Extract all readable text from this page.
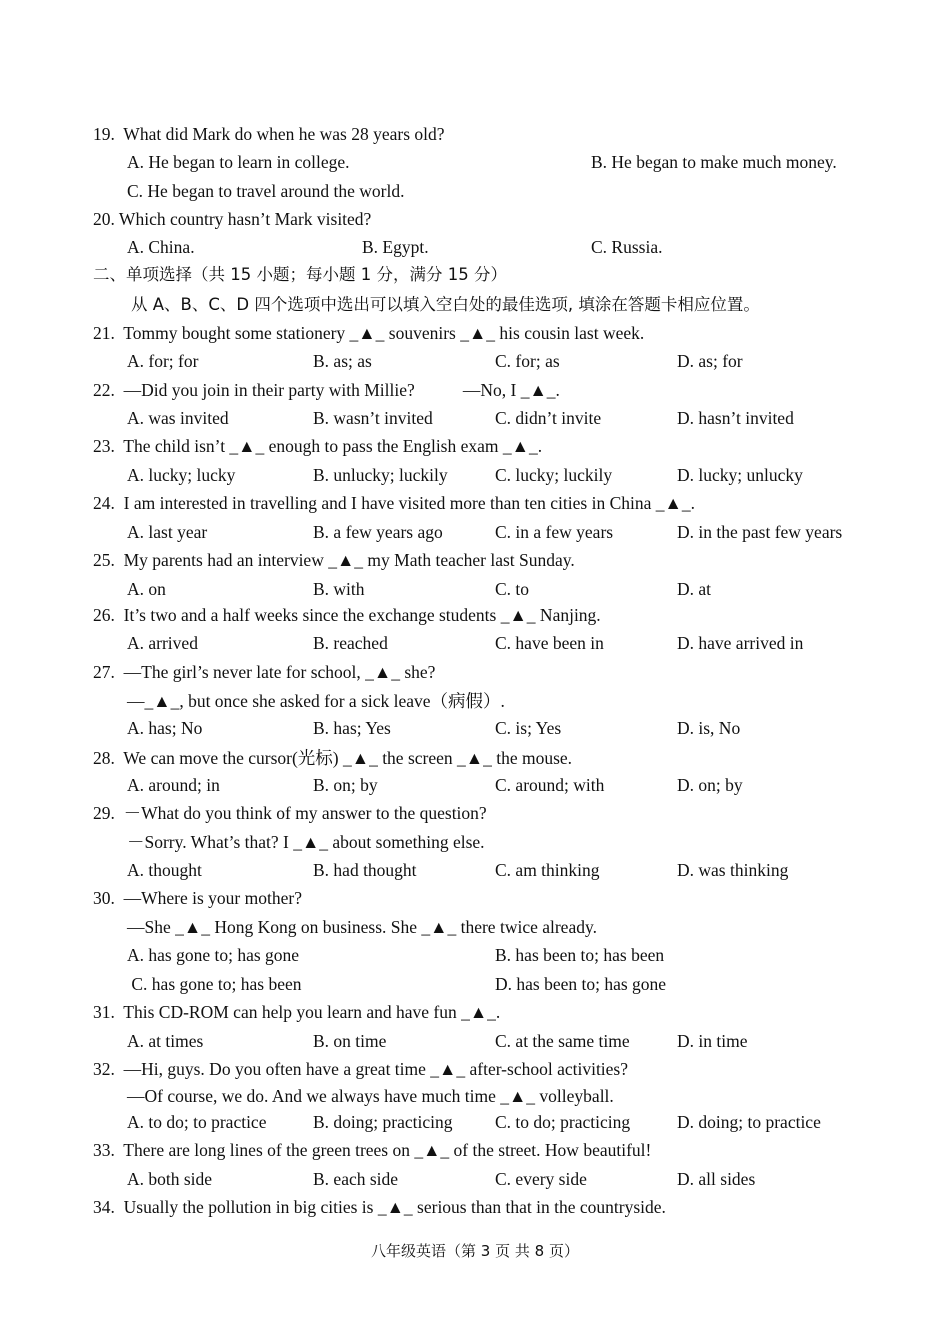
19.  What did Mark do when he was 28 years old?
A. He began to learn in college.	B. He began to make much money.
C. He began to travel around the world.
20. Which country hasn’t Mark visited?
A. China.	B. Egypt.	C. Russia.
二、单项选择（共 15 小题；每小题 1 分，满分 15 分）
从 A、B、C、D 四个选项中选出可以填入空白处的最佳选项, 填涂在答题卡相应位置。
21.  Tommy bought some stationery _▲_ souvenirs _▲_ his cousin last week.
A. for; for	B. as; as	C. for; as	D. as; for
22.  —Did you join in their party with Millie?           —No, I _▲_.
A. was invited	B. wasn’t invited	C. didn’t invite	D. hasn’t invited
23.  The child isn’t _▲_ enough to pass the English exam _▲_.
A. lucky; lucky	B. unlucky; luckily	C. lucky; luckily	D. lucky; unlucky
24.  I am interested in travelling and I have visited more than ten cities in China _▲_.
A. last year	B. a few years ago	C. in a few years	D. in the past few years
25.  My parents had an interview _▲_ my Math teacher last Sunday.
A. on	B. with	C. to	D. at
26.  It’s two and a half weeks since the exchange students _▲_ Nanjing.
A. arrived	B. reached	C. have been in	D. have arrived in
27.  —The girl’s never late for school, _▲_ she?
—_▲_, but once she asked for a sick leave（病假）.
A. has; No	B. has; Yes	C. is; Yes	D. is, No
28.  We can move the cursor(光标) _▲_ the screen _▲_ the mouse.
A. around; in	B. on; by	C. around; with	D. on; by
29.  －What do you think of my answer to the question?
－Sorry. What’s that? I _▲_ about something else.
A. thought	B. had thought	C. am thinking	D. was thinking
30.  —Where is your mother?
—She _▲_ Hong Kong on business. She _▲_ there twice already.
A. has gone to; has gone	B. has been to; has been
C. has gone to; has been	D. has been to; has gone
31.  This CD-ROM can help you learn and have fun _▲_.
A. at times	B. on time	C. at the same time	D. in time
32.  —Hi, guys. Do you often have a great time _▲_ after-school activities?
—Of course, we do. And we always have much time _▲_ volleyball.
A. to do; to practice	B. doing; practicing C. to do; practicing	D. doing; to practice
33.  There are long lines of the green trees on _▲_ of the street. How beautiful!
A. both side	B. each side	C. every side	D. all sides
34.  Usually the pollution in big cities is _▲_ serious than that in the countryside.
八年级英语（第 3 页 共 8 页）
